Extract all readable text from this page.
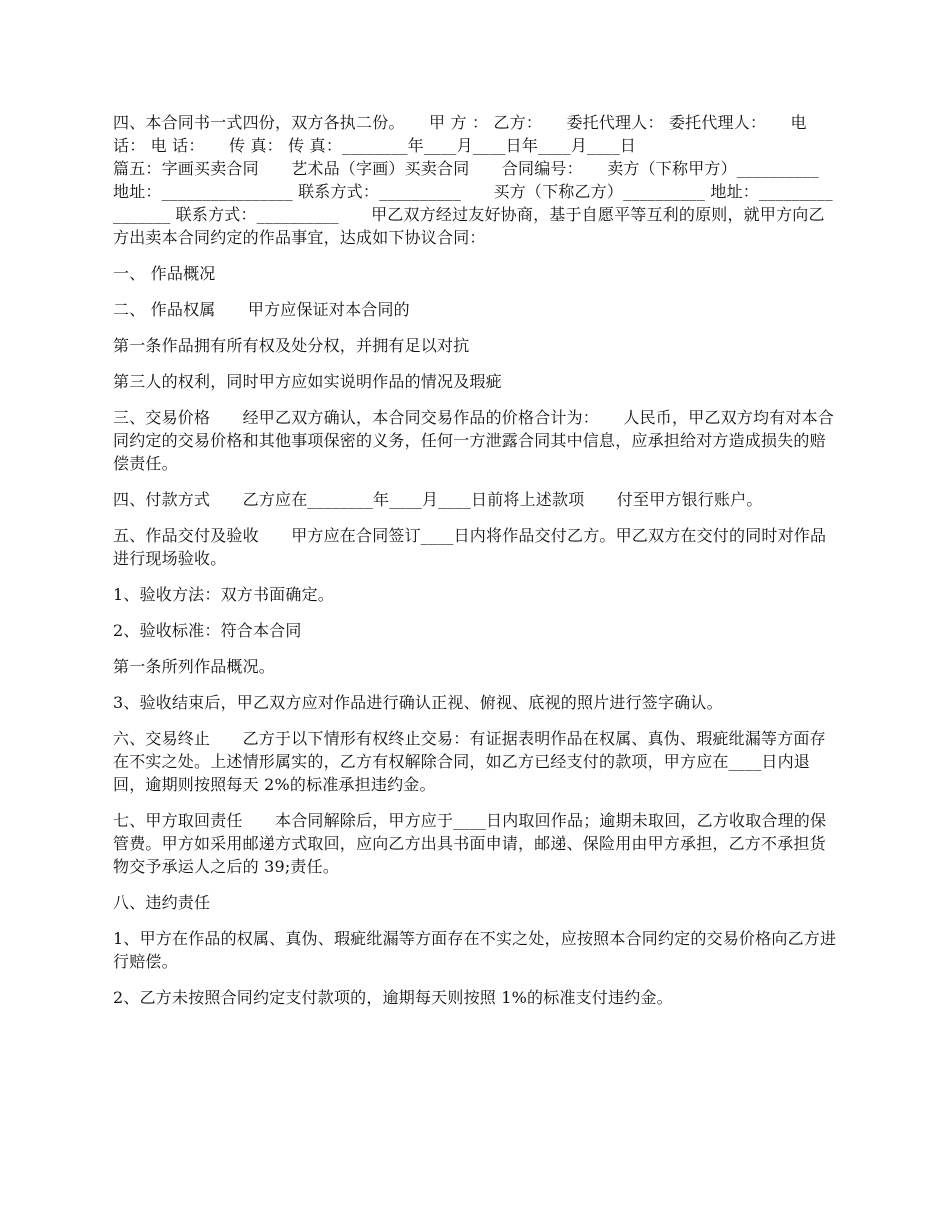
四、本合同书一式四份，双方各执二份。　　甲 方 ： 乙方：　　委托代理人： 委托代理人：　　电 话： 电 话：　　传 真： 传 真：________年____月____日年____月____日

篇五：字画买卖合同　　艺术品（字画）买卖合同　　合同编号：　　卖方（下称甲方）__________ 地址：________________ 联系方式：__________　　买方（下称乙方）__________ 地址：________________ 联系方式：__________　　甲乙双方经过友好协商，基于自愿平等互利的原则，就甲方向乙方出卖本合同约定的作品事宜，达成如下协议合同：

一、 作品概况

二、 作品权属　　甲方应保证对本合同的

第一条作品拥有所有权及处分权，并拥有足以对抗

第三人的权利，同时甲方应如实说明作品的情况及瑕疵

三、交易价格　　经甲乙双方确认，本合同交易作品的价格合计为：　　人民币，甲乙双方均有对本合同约定的交易价格和其他事项保密的义务，任何一方泄露合同其中信息，应承担给对方造成损失的赔偿责任。

四、付款方式　　乙方应在________年____月____日前将上述款项　　付至甲方银行账户。

五、作品交付及验收　　甲方应在合同签订____日内将作品交付乙方。甲乙双方在交付的同时对作品进行现场验收。

1、验收方法：双方书面确定。

2、验收标准：符合本合同

第一条所列作品概况。

3、验收结束后，甲乙双方应对作品进行确认正视、俯视、底视的照片进行签字确认。

六、交易终止　　乙方于以下情形有权终止交易：有证据表明作品在权属、真伪、瑕疵纰漏等方面存在不实之处。上述情形属实的，乙方有权解除合同，如乙方已经支付的款项，甲方应在____日内退回，逾期则按照每天 2%的标准承担违约金。

七、甲方取回责任　　本合同解除后，甲方应于____日内取回作品；逾期未取回，乙方收取合理的保管费。甲方如采用邮递方式取回，应向乙方出具书面申请，邮递、保险用由甲方承担，乙方不承担货物交予承运人之后的 39;责任。

八、违约责任

1、甲方在作品的权属、真伪、瑕疵纰漏等方面存在不实之处，应按照本合同约定的交易价格向乙方进行赔偿。

2、乙方未按照合同约定支付款项的，逾期每天则按照 1%的标准支付违约金。
